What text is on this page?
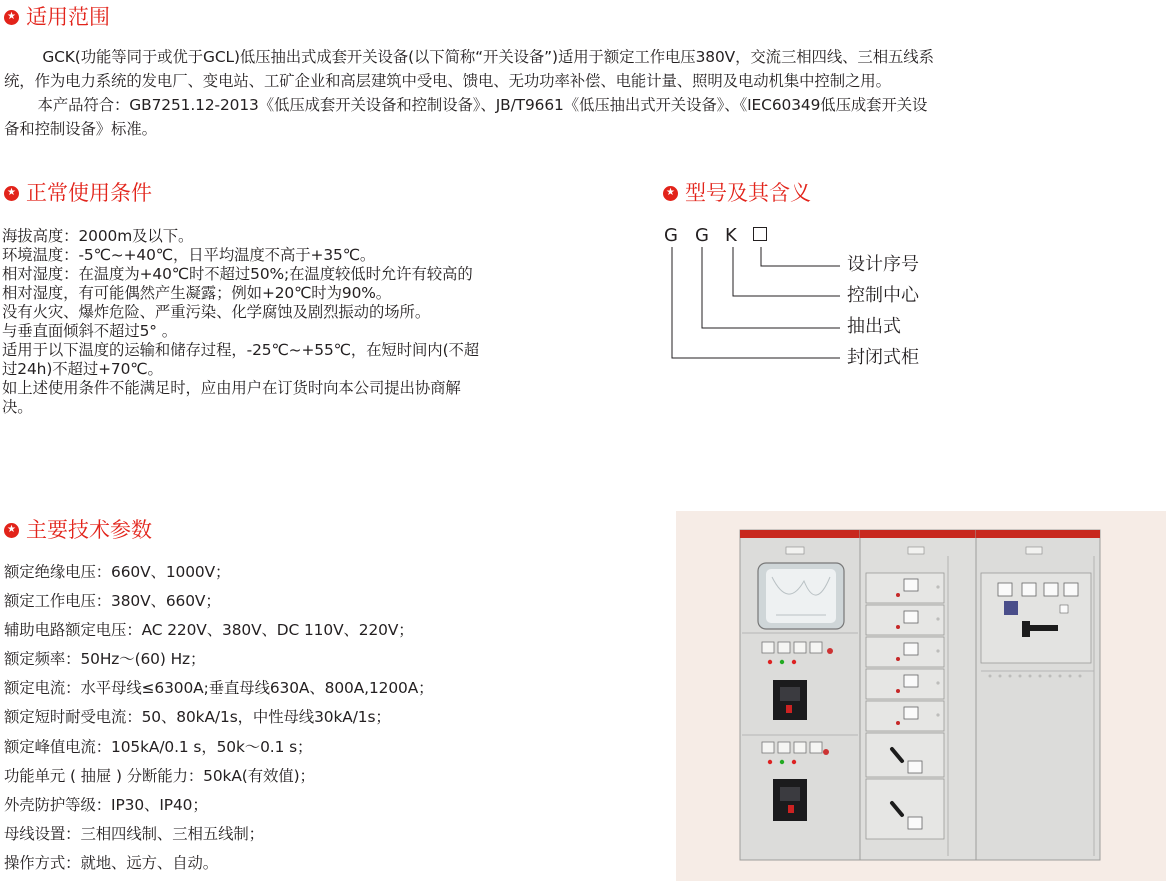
★
适用范围
GCK(功能等同于或优于GCL)低压抽出式成套开关设备(以下简称“开关设备”)适用于额定工作电压380V，交流三相四线、三相五线系
统，作为电力系统的发电厂、变电站、工矿企业和高层建筑中受电、馈电、无功功率补偿、电能计量、照明及电动机集中控制之用。
本产品符合：GB7251.12-2013《低压成套开关设备和控制设备》、JB/T9661《低压抽出式开关设备》、《IEC60349低压成套开关设
备和控制设备》标准。
★
正常使用条件
海拔高度：2000m及以下。
环境温度：-5℃~+40℃，日平均温度不高于+35℃。
相对湿度：在温度为+40℃时不超过50%;在温度较低时允许有较高的
相对湿度，有可能偶然产生凝露；例如+20℃时为90%。
没有火灾、爆炸危险、严重污染、化学腐蚀及剧烈振动的场所。
与垂直面倾斜不超过5° 。
适用于以下温度的运输和储存过程，-25℃~+55℃，在短时间内(不超
过24h)不超过+70℃。
如上述使用条件不能满足时，应由用户在订货时向本公司提出协商解
决。
★
型号及其含义
G G K
设计序号
控制中心
抽出式
封闭式柜
★
主要技术参数
额定绝缘电压：660V、1000V；
额定工作电压：380V、660V；
辅助电路额定电压：AC 220V、380V、DC 110V、220V；
额定频率：50Hz～(60) Hz；
额定电流：水平母线≤6300A;垂直母线630A、800A,1200A；
额定短时耐受电流：50、80kA/1s，中性母线30kA/1s；
额定峰值电流：105kA/0.1 s，50k～0.1 s；
功能单元 ( 抽屉 ) 分断能力：50kA(有效值)；
外壳防护等级：IP30、IP40；
母线设置：三相四线制、三相五线制；
操作方式：就地、远方、自动。
